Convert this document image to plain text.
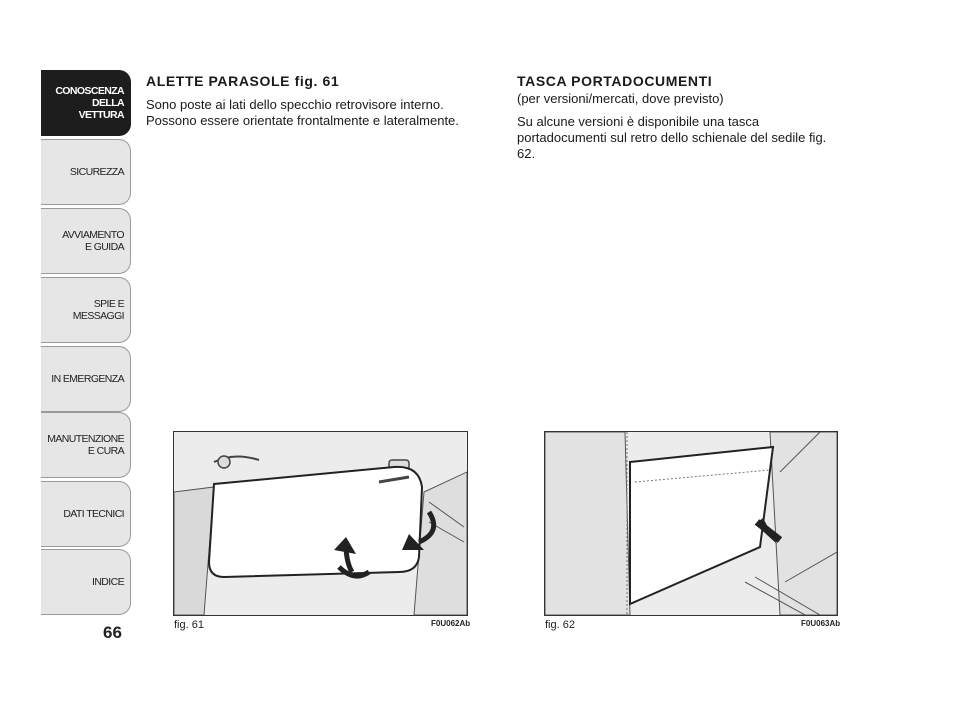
CONOSCENZA
DELLA
VETTURA
SICUREZZA
AVVIAMENTO
E GUIDA
SPIE E
MESSAGGI
IN EMERGENZA
MANUTENZIONE
E CURA
DATI TECNICI
INDICE
66
ALETTE PARASOLE fig. 61

Sono poste ai lati dello specchio retrovisore interno. Possono essere orientate frontalmente e lateralmente.

TASCA PORTADOCUMENTI

(per versioni/mercati, dove previsto)

Su alcune versioni è disponibile una tasca portadocumenti sul retro dello schienale del sedile fig. 62.

fig. 61	F0U062Ab	fig. 62	F0U063Ab
